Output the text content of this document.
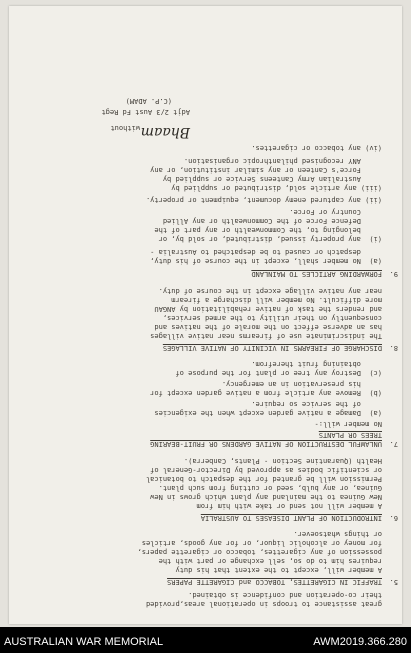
great assistance to troops in operational areas,provided
their co-operation and confidence is obtained.
5.
TRAFFIC IN CIGARETTES, TOBACCO and CIGARETTE PAPERS
A member will, except to the extent that his duty
requires him to do so, sell exchange or part with the
possession of any cigarettes, tobacco or cigarette papers,
for money or alcoholic liquor, or for any goods, articles
or things whatsoever.
6.
INTRODUCTION OF PLANT DISEASES TO AUSTRALIA
A member will not send or take with him from
New Guinea to the mainland any plant which grows in New
Guinea, or any bulb, seed or cutting from such plant.
Permission will be granted for the despatch to botanical
or scientific bodies as approved by Director-General of
Health (Quarantine Section - Plants, Canberra).
7.
UNLAWFUL DESTRUCTION OF NATIVE GARDENS OR FRUIT-BEARING
TREES OR PLANTS
No member will:-
(a)  Damage a native garden except when the exigencies
of the service so require.
(b)  Remove any article from a native garden except for
his preservation in an emergency.
(c)  Destroy any tree or plant for the purpose of
obtaining fruit therefrom.
8.
DISCHARGE OF FIREARMS IN VICINITY OF NATIVE VILLAGES
The indiscriminate use of firearms near native villages
has an adverse effect on the morale of the natives and
consequently on their utility to the armed services,
and renders the task of native rehabilitation by ANGAU
more difficult. No member will discharge a firearm
near any native village except in the course of duty.
9.
FORWARDING ARTICLES TO MAINLAND
(a)  No member shall, except in the course of his duty,
despatch or caused to be despatched to Australia -
(i)  any property issued, distributed, or sold by, or
belonging to, the Commonwealth or any part of the
Defence Force of the Commonwealth or any Allied
Country or Force.
(ii) any captured enemy document, equipment or property.
(iii) any article sold, distributed or supplied by
Australian Army Canteens Service or supplied by
Force's Canteen or any similar institution, or any
ANY recognised philanthropic organisation.
(iv) any tobacco or cigarettes.
Bhaam
without
Adjt 2/3 Aust Fd Regt
(C.P. ADAM)
AUSTRALIAN WAR MEMORIAL	AWM2019.366.280
